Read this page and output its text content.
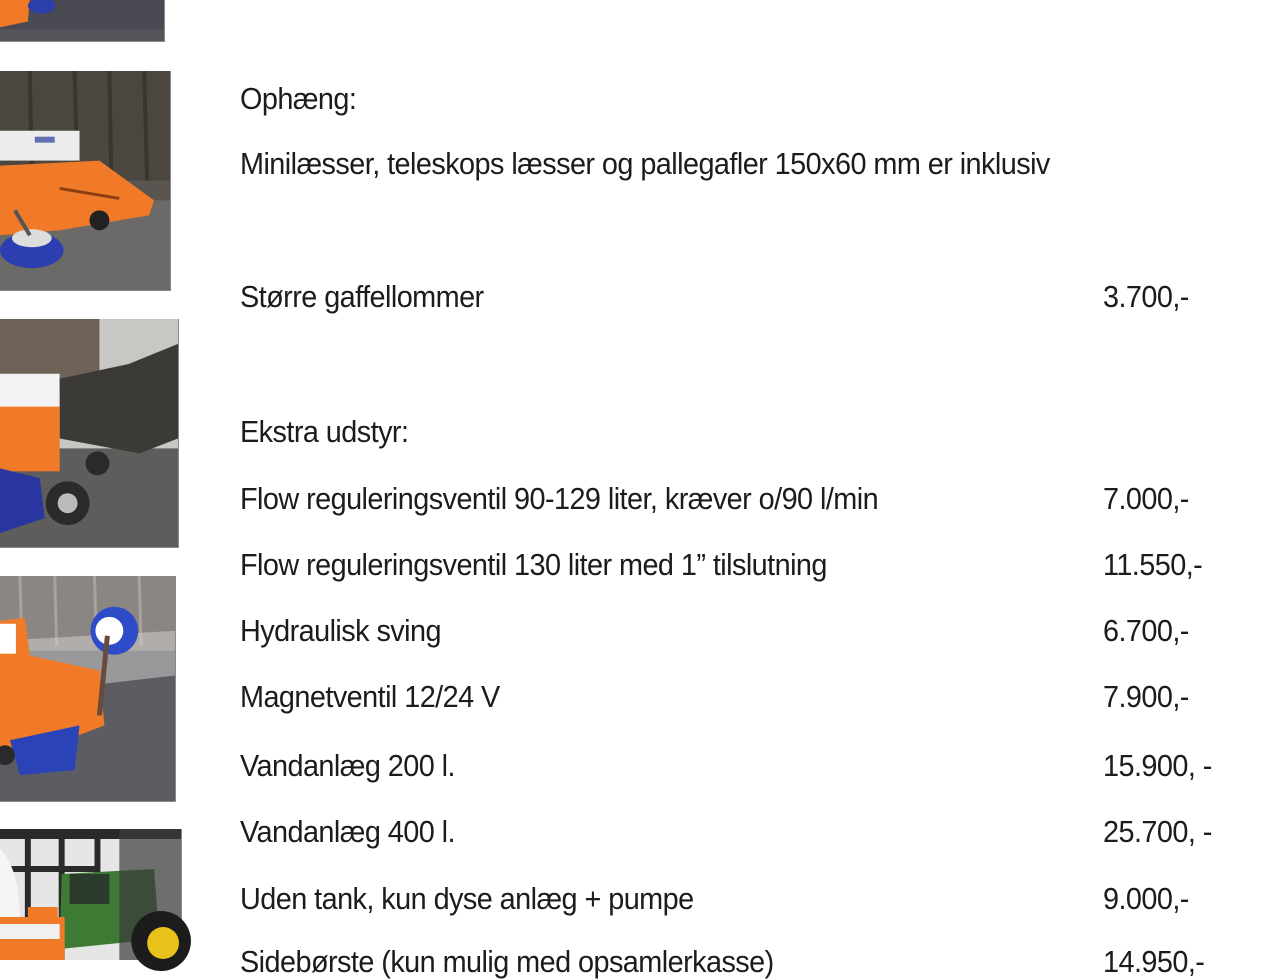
Ophæng:
Minilæsser, teleskops læsser og pallegafler 150x60 mm er inklusiv
Større gaffellommer	3.700,-
Ekstra udstyr:
Flow reguleringsventil 90-129 liter, kræver o/90 l/min	7.000,-
Flow reguleringsventil 130 liter med 1” tilslutning	11.550,-
Hydraulisk sving	6.700,-
Magnetventil 12/24 V	7.900,-
Vandanlæg 200 l.	15.900, -
Vandanlæg 400 l.	25.700, -
Uden tank, kun dyse anlæg + pumpe	9.000,-
Sidebørste (kun mulig med opsamlerkasse)	14.950,-
